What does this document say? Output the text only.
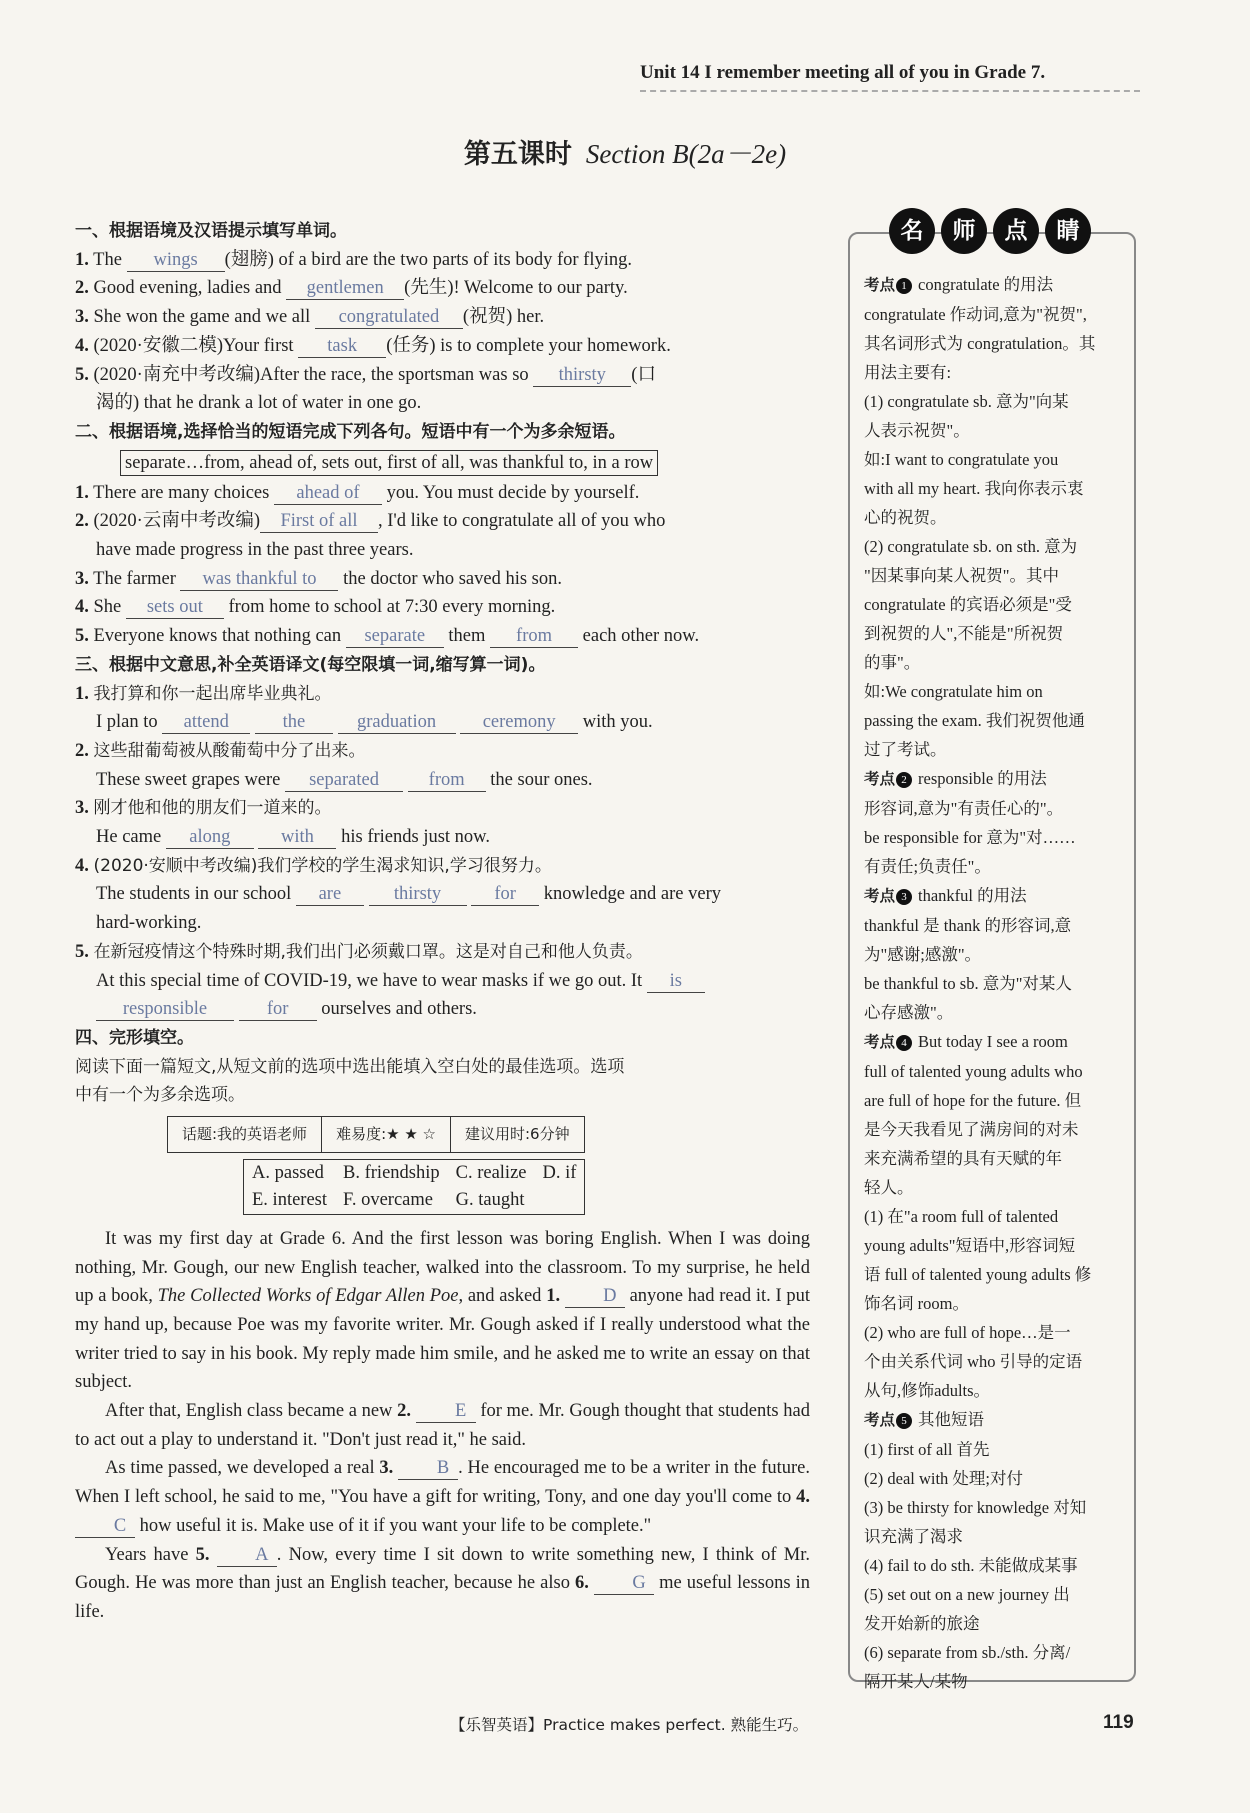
Unit 14 I remember meeting all of you in Grade 7.
第五课时 Section B(2a－2e)
一、根据语境及汉语提示填写单词。
1. The wings (翅膀) of a bird are the two parts of its body for flying.
2. Good evening, ladies and gentlemen (先生)! Welcome to our party.
3. She won the game and we all congratulated (祝贺) her.
4. (2020·安徽二模)Your first task (任务) is to complete your homework.
5. (2020·南充中考改编)After the race, the sportsman was so thirsty (口
渴的) that he drank a lot of water in one go.
二、根据语境,选择恰当的短语完成下列各句。短语中有一个为多余短语。
separate…from, ahead of, sets out, first of all, was thankful to, in a row
1. There are many choices ahead of you. You must decide by yourself.
2. (2020·云南中考改编) First of all , I'd like to congratulate all of you who
have made progress in the past three years.
3. The farmer was thankful to the doctor who saved his son.
4. She sets out from home to school at 7:30 every morning.
5. Everyone knows that nothing can separate them from each other now.
三、根据中文意思,补全英语译文(每空限填一词,缩写算一词)。
1. 我打算和你一起出席毕业典礼。
I plan to attend	the	graduation	ceremony with you.
2. 这些甜葡萄被从酸葡萄中分了出来。
These sweet grapes were separated	from the sour ones.
3. 刚才他和他的朋友们一道来的。
He came along	with his friends just now.
4. (2020·安顺中考改编)我们学校的学生渴求知识,学习很努力。
The students in our school are	thirsty	for knowledge and are very
hard-working.
5. 在新冠疫情这个特殊时期,我们出门必须戴口罩。这是对自己和他人负责。
At this special time of COVID-19, we have to wear masks if we go out. It is
responsible	for ourselves and others.
四、完形填空。
阅读下面一篇短文,从短文前的选项中选出能填入空白处的最佳选项。选项
中有一个为多余选项。
话题:我的英语老师	难易度:★ ★ ☆	建议用时:6分钟
A. passed	B. friendship	C. realize	D. if
E. interest	F. overcame	G. taught	
It was my first day at Grade 6. And the first lesson was boring English. When I was doing nothing, Mr. Gough, our new English teacher, walked into the classroom. To my surprise, he held up a book, The Collected Works of Edgar Allen Poe, and asked 1. D anyone had read it. I put my hand up, because Poe was my favorite writer. Mr. Gough asked if I really understood what the writer tried to say in his book. My reply made him smile, and he asked me to write an essay on that subject.
After that, English class became a new 2. E for me. Mr. Gough thought that students had to act out a play to understand it. "Don't just read it," he said.
As time passed, we developed a real 3. B . He encouraged me to be a writer in the future. When I left school, he said to me, "You have a gift for writing, Tony, and one day you'll come to 4. C how useful it is. Make use of it if you want your life to be complete."
Years have 5. A . Now, every time I sit down to write something new, I think of Mr. Gough. He was more than just an English teacher, because he also 6. G me useful lessons in life.
名	师	点	睛
考点 1 congratulate 的用法
congratulate 作动词,意为"祝贺",
其名词形式为 congratulation。其
用法主要有:
(1) congratulate sb. 意为"向某
人表示祝贺"。
如:I want to congratulate you
with all my heart. 我向你表示衷
心的祝贺。
(2) congratulate sb. on sth. 意为
"因某事向某人祝贺"。其中
congratulate 的宾语必须是"受
到祝贺的人",不能是"所祝贺
的事"。
如:We congratulate him on
passing the exam. 我们祝贺他通
过了考试。
考点 2 responsible 的用法
形容词,意为"有责任心的"。
be responsible for 意为"对……
有责任;负责任"。
考点 3 thankful 的用法
thankful 是 thank 的形容词,意
为"感谢;感激"。
be thankful to sb. 意为"对某人
心存感激"。
考点 4 But today I see a room
full of talented young adults who
are full of hope for the future. 但
是今天我看见了满房间的对未
来充满希望的具有天赋的年
轻人。
(1) 在"a room full of talented
young adults"短语中,形容词短
语 full of talented young adults 修
饰名词 room。
(2) who are full of hope…是一
个由关系代词 who 引导的定语
从句,修饰adults。
考点 5 其他短语
(1) first of all 首先
(2) deal with 处理;对付
(3) be thirsty for knowledge 对知
识充满了渴求
(4) fail to do sth. 未能做成某事
(5) set out on a new journey 出
发开始新的旅途
(6) separate from sb./sth. 分离/
隔开某人/某物
【乐智英语】Practice makes perfect. 熟能生巧。	119
